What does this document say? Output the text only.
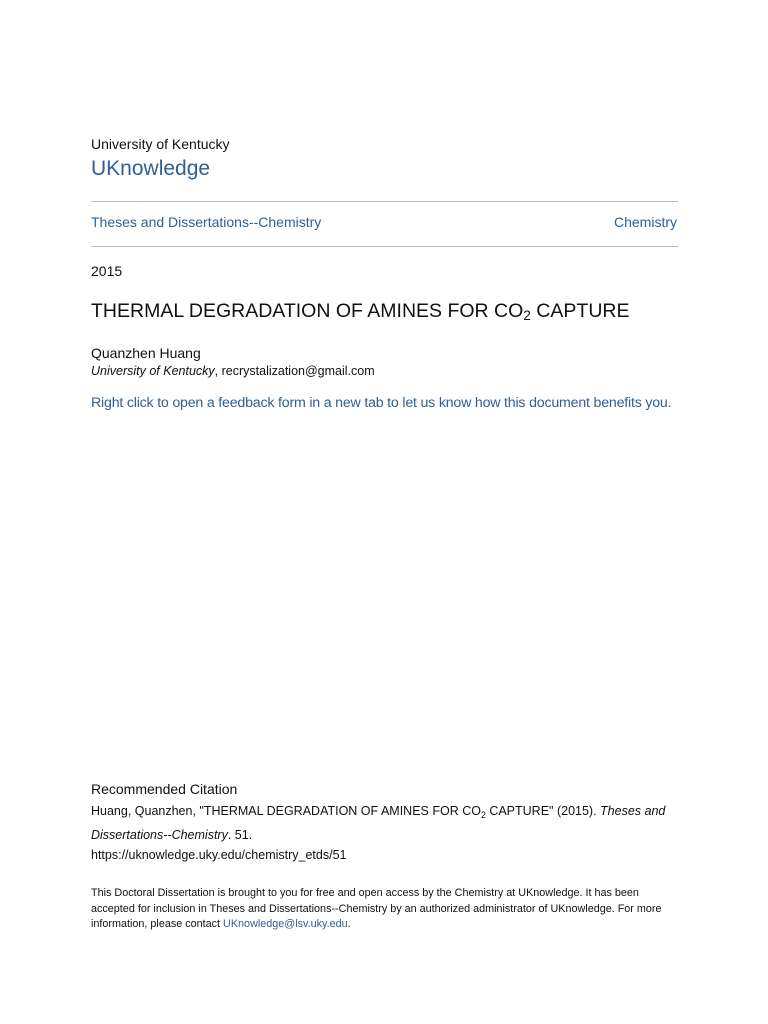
University of Kentucky
UKnowledge
Theses and Dissertations--Chemistry	Chemistry
2015
THERMAL DEGRADATION OF AMINES FOR $CO_2$ CAPTURE
Quanzhen Huang
University of Kentucky, recrystalization@gmail.com
Right click to open a feedback form in a new tab to let us know how this document benefits you.
Recommended Citation
Huang, Quanzhen, "THERMAL DEGRADATION OF AMINES FOR $CO_2$ CAPTURE" (2015). Theses and Dissertations--Chemistry. 51.
https://uknowledge.uky.edu/chemistry_etds/51
This Doctoral Dissertation is brought to you for free and open access by the Chemistry at UKnowledge. It has been accepted for inclusion in Theses and Dissertations--Chemistry by an authorized administrator of UKnowledge. For more information, please contact UKnowledge@lsv.uky.edu.
